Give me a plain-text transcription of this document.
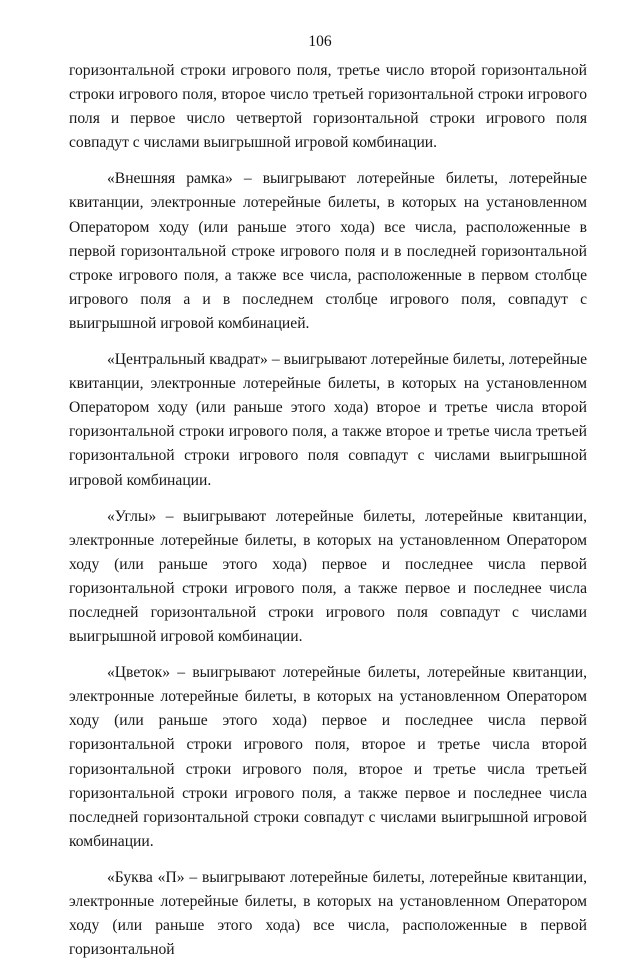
106

горизонтальной строки игрового поля, третье число второй горизонтальной строки игрового поля, второе число третьей горизонтальной строки игрового поля и первое число четвертой горизонтальной строки игрового поля совпадут с числами выигрышной игровой комбинации.

«Внешняя рамка» – выигрывают лотерейные билеты, лотерейные квитанции, электронные лотерейные билеты, в которых на установленном Оператором ходу (или раньше этого хода) все числа, расположенные в первой горизонтальной строке игрового поля и в последней горизонтальной строке игрового поля, а также все числа, расположенные в первом столбце игрового поля а и в последнем столбце игрового поля, совпадут с выигрышной игровой комбинацией.

«Центральный квадрат» – выигрывают лотерейные билеты, лотерейные квитанции, электронные лотерейные билеты, в которых на установленном Оператором ходу (или раньше этого хода) второе и третье числа второй горизонтальной строки игрового поля, а также второе и третье числа третьей горизонтальной строки игрового поля совпадут с числами выигрышной игровой комбинации.

«Углы» – выигрывают лотерейные билеты, лотерейные квитанции, электронные лотерейные билеты, в которых на установленном Оператором ходу (или раньше этого хода) первое и последнее числа первой горизонтальной строки игрового поля, а также первое и последнее числа последней горизонтальной строки игрового поля совпадут с числами выигрышной игровой комбинации.

«Цветок» – выигрывают лотерейные билеты, лотерейные квитанции, электронные лотерейные билеты, в которых на установленном Оператором ходу (или раньше этого хода) первое и последнее числа первой горизонтальной строки игрового поля, второе и третье числа второй горизонтальной строки игрового поля, второе и третье числа третьей горизонтальной строки игрового поля, а также первое и последнее числа последней горизонтальной строки совпадут с числами выигрышной игровой комбинации.

«Буква «П» – выигрывают лотерейные билеты, лотерейные квитанции, электронные лотерейные билеты, в которых на установленном Оператором ходу (или раньше этого хода) все числа, расположенные в первой горизонтальной
